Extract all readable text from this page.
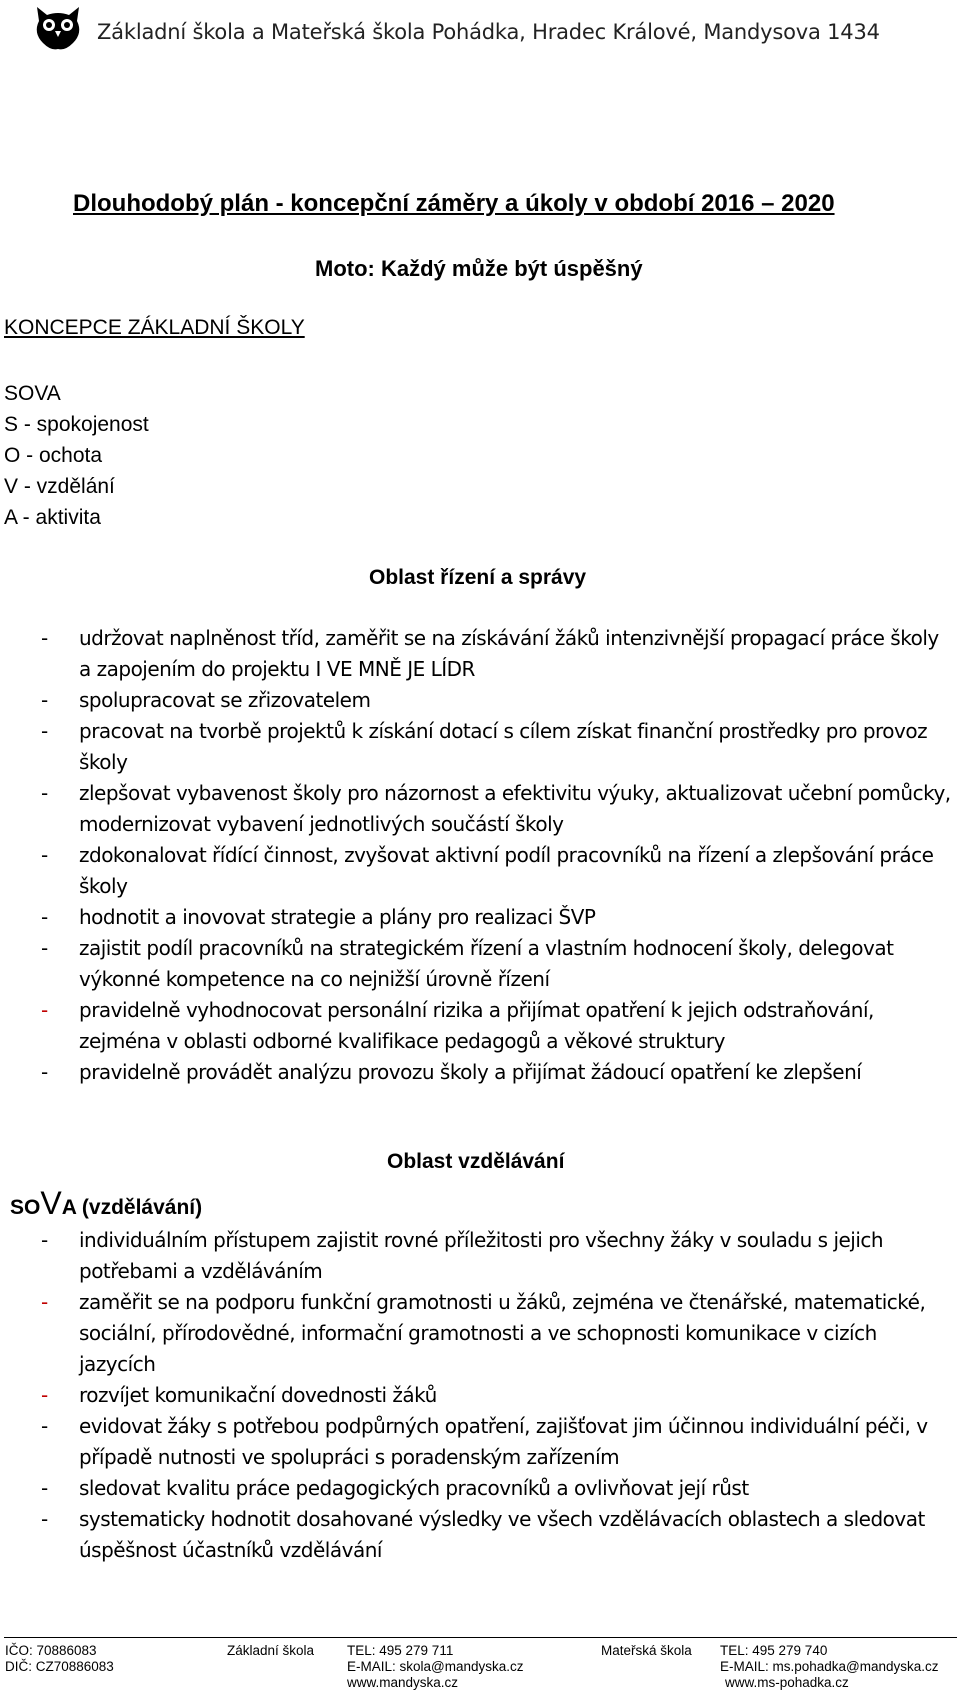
Základní škola a Mateřská škola Pohádka, Hradec Králové, Mandysova 1434
Dlouhodobý plán - koncepční záměry a úkoly v období 2016 – 2020
Moto: Každý může být úspěšný
KONCEPCE ZÁKLADNÍ ŠKOLY
SOVA
S - spokojenost
O - ochota
V - vzdělání
A - aktivita
Oblast řízení a správy
- udržovat naplněnost tříd, zaměřit se na získávání žáků intenzivnější propagací práce školy a zapojením do projektu I VE MNĚ JE LÍDR
- spolupracovat se zřizovatelem
- pracovat na tvorbě projektů k získání dotací s cílem získat finanční prostředky pro provoz školy
- zlepšovat vybavenost školy pro názornost a efektivitu výuky, aktualizovat učební pomůcky, modernizovat vybavení jednotlivých součástí školy
- zdokonalovat řídící činnost, zvyšovat aktivní podíl pracovníků na řízení a zlepšování práce školy
- hodnotit a inovovat strategie a plány pro realizaci ŠVP
- zajistit podíl pracovníků na strategickém řízení a vlastním hodnocení školy, delegovat výkonné kompetence na co nejnižší úrovně řízení
- pravidelně vyhodnocovat personální rizika a přijímat opatření k jejich odstraňování, zejména v oblasti odborné kvalifikace pedagogů a věkové struktury
- pravidelně provádět analýzu provozu školy a přijímat žádoucí opatření ke zlepšení
Oblast vzdělávání
SOVA (vzdělávání)
- individuálním přístupem zajistit rovné příležitosti pro všechny žáky v souladu s jejich potřebami a vzděláváním
- zaměřit se na podporu funkční gramotnosti u žáků, zejména ve čtenářské, matematické, sociální, přírodovědné, informační gramotnosti a ve schopnosti komunikace v cizích jazycích
- rozvíjet komunikační dovednosti žáků
- evidovat žáky s potřebou podpůrných opatření, zajišťovat jim účinnou individuální péči, v případě nutnosti ve spolupráci s poradenským zařízením
- sledovat kvalitu práce pedagogických pracovníků a ovlivňovat její růst
- systematicky hodnotit dosahované výsledky ve všech vzdělávacích oblastech a sledovat úspěšnost účastníků vzdělávání
IČO: 70886083
DIČ: CZ70886083
Základní škola TEL: 495 279 711
E-MAIL: skola@mandyska.cz
www.mandyska.cz
Mateřská škola TEL: 495 279 740
E-MAIL: ms.pohadka@mandyska.cz
www.ms-pohadka.cz
